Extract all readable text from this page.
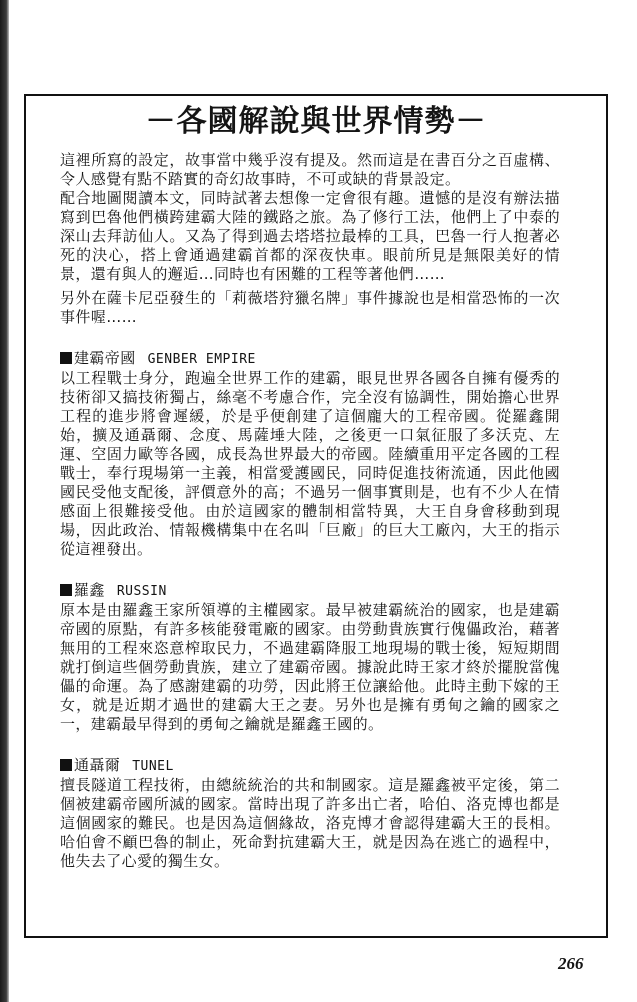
－各國解說與世界情勢－

這裡所寫的設定，故事當中幾乎沒有提及。然而這是在書百分之百虛構、令人感覺有點不踏實的奇幻故事時，不可或缺的背景設定。

配合地圖閱讀本文，同時試著去想像一定會很有趣。遺憾的是沒有辦法描寫到巴魯他們橫跨建霸大陸的鐵路之旅。為了修行工法，他們上了中泰的深山去拜訪仙人。又為了得到過去塔塔拉最棒的工具，巴魯一行人抱著必死的決心，搭上會通過建霸首都的深夜快車。眼前所見是無限美好的情景，還有與人的邂逅…同時也有困難的工程等著他們……

另外在薩卡尼亞發生的「莉薇塔狩獵名牌」事件據說也是相當恐怖的一次事件喔……

建霸帝國 GENBER EMPIRE

以工程戰士身分，跑遍全世界工作的建霸，眼見世界各國各自擁有優秀的技術卻又搞技術獨占，絲毫不考慮合作，完全沒有協調性，開始擔心世界工程的進步將會遲緩，於是乎便創建了這個龐大的工程帝國。從羅鑫開始，擴及通聶爾、念度、馬薩埵大陸，之後更一口氣征服了多沃克、左運、空固力歐等各國，成長為世界最大的帝國。陸續重用平定各國的工程戰士，奉行現場第一主義，相當愛護國民，同時促進技術流通，因此他國國民受他支配後，評價意外的高；不過另一個事實則是，也有不少人在情感面上很難接受他。由於這國家的體制相當特異，大王自身會移動到現場，因此政治、情報機構集中在名叫「巨廠」的巨大工廠內，大王的指示從這裡發出。

羅鑫 RUSSIN

原本是由羅鑫王家所領導的主權國家。最早被建霸統治的國家，也是建霸帝國的原點，有許多核能發電廠的國家。由勞動貴族實行傀儡政治，藉著無用的工程來恣意榨取民力，不過建霸降服工地現場的戰士後，短短期間就打倒這些個勞動貴族，建立了建霸帝國。據說此時王家才終於擺脫當傀儡的命運。為了感謝建霸的功勞，因此將王位讓給他。此時主動下嫁的王女，就是近期才過世的建霸大王之妻。另外也是擁有勇甸之鑰的國家之一，建霸最早得到的勇甸之鑰就是羅鑫王國的。

通聶爾 TUNEL

擅長隧道工程技術，由總統統治的共和制國家。這是羅鑫被平定後，第二個被建霸帝國所滅的國家。當時出現了許多出亡者，哈伯、洛克博也都是這個國家的難民。也是因為這個緣故，洛克博才會認得建霸大王的長相。哈伯會不顧巴魯的制止，死命對抗建霸大王，就是因為在逃亡的過程中，他失去了心愛的獨生女。

266
